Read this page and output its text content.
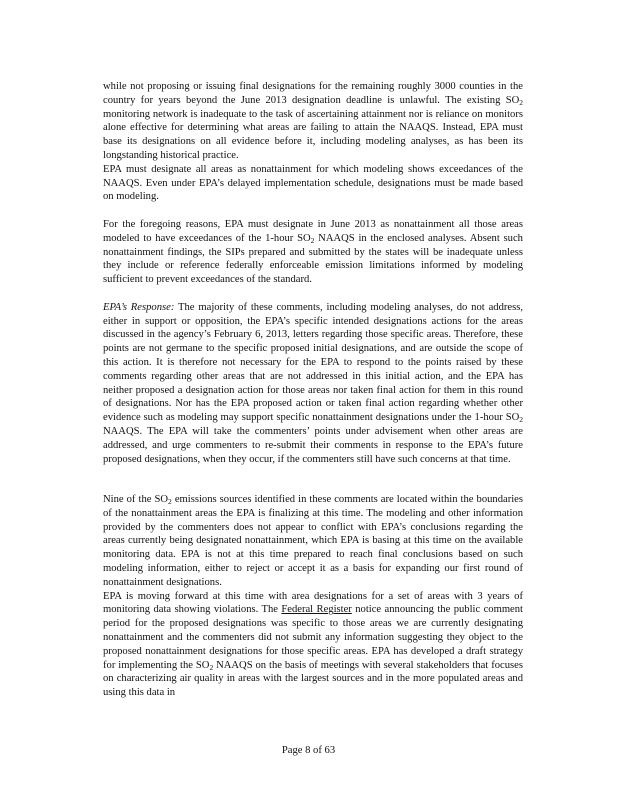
while not proposing or issuing final designations for the remaining roughly 3000 counties in the country for years beyond the June 2013 designation deadline is unlawful. The existing $SO_2$ monitoring network is inadequate to the task of ascertaining attainment nor is reliance on monitors alone effective for determining what areas are failing to attain the NAAQS. Instead, EPA must base its designations on all evidence before it, including modeling analyses, as has been its longstanding historical practice.

EPA must designate all areas as nonattainment for which modeling shows exceedances of the NAAQS. Even under EPA’s delayed implementation schedule, designations must be made based on modeling.

For the foregoing reasons, EPA must designate in June 2013 as nonattainment all those areas modeled to have exceedances of the 1-hour $SO_2$ NAAQS in the enclosed analyses. Absent such nonattainment findings, the SIPs prepared and submitted by the states will be inadequate unless they include or reference federally enforceable emission limitations informed by modeling sufficient to prevent exceedances of the standard.

EPA’s Response: The majority of these comments, including modeling analyses, do not address, either in support or opposition, the EPA’s specific intended designations actions for the areas discussed in the agency’s February 6, 2013, letters regarding those specific areas. Therefore, these points are not germane to the specific proposed initial designations, and are outside the scope of this action. It is therefore not necessary for the EPA to respond to the points raised by these comments regarding other areas that are not addressed in this initial action, and the EPA has neither proposed a designation action for those areas nor taken final action for them in this round of designations. Nor has the EPA proposed action or taken final action regarding whether other evidence such as modeling may support specific nonattainment designations under the 1-hour $SO_2$ NAAQS. The EPA will take the commenters’ points under advisement when other areas are addressed, and urge commenters to re-submit their comments in response to the EPA’s future proposed designations, when they occur, if the commenters still have such concerns at that time.

Nine of the $SO_2$ emissions sources identified in these comments are located within the boundaries of the nonattainment areas the EPA is finalizing at this time. The modeling and other information provided by the commenters does not appear to conflict with EPA’s conclusions regarding the areas currently being designated nonattainment, which EPA is basing at this time on the available monitoring data. EPA is not at this time prepared to reach final conclusions based on such modeling information, either to reject or accept it as a basis for expanding our first round of nonattainment designations.

EPA is moving forward at this time with area designations for a set of areas with 3 years of monitoring data showing violations. The Federal Register notice announcing the public comment period for the proposed designations was specific to those areas we are currently designating nonattainment and the commenters did not submit any information suggesting they object to the proposed nonattainment designations for those specific areas. EPA has developed a draft strategy for implementing the $SO_2$ NAAQS on the basis of meetings with several stakeholders that focuses on characterizing air quality in areas with the largest sources and in the more populated areas and using this data in

Page 8 of 63
